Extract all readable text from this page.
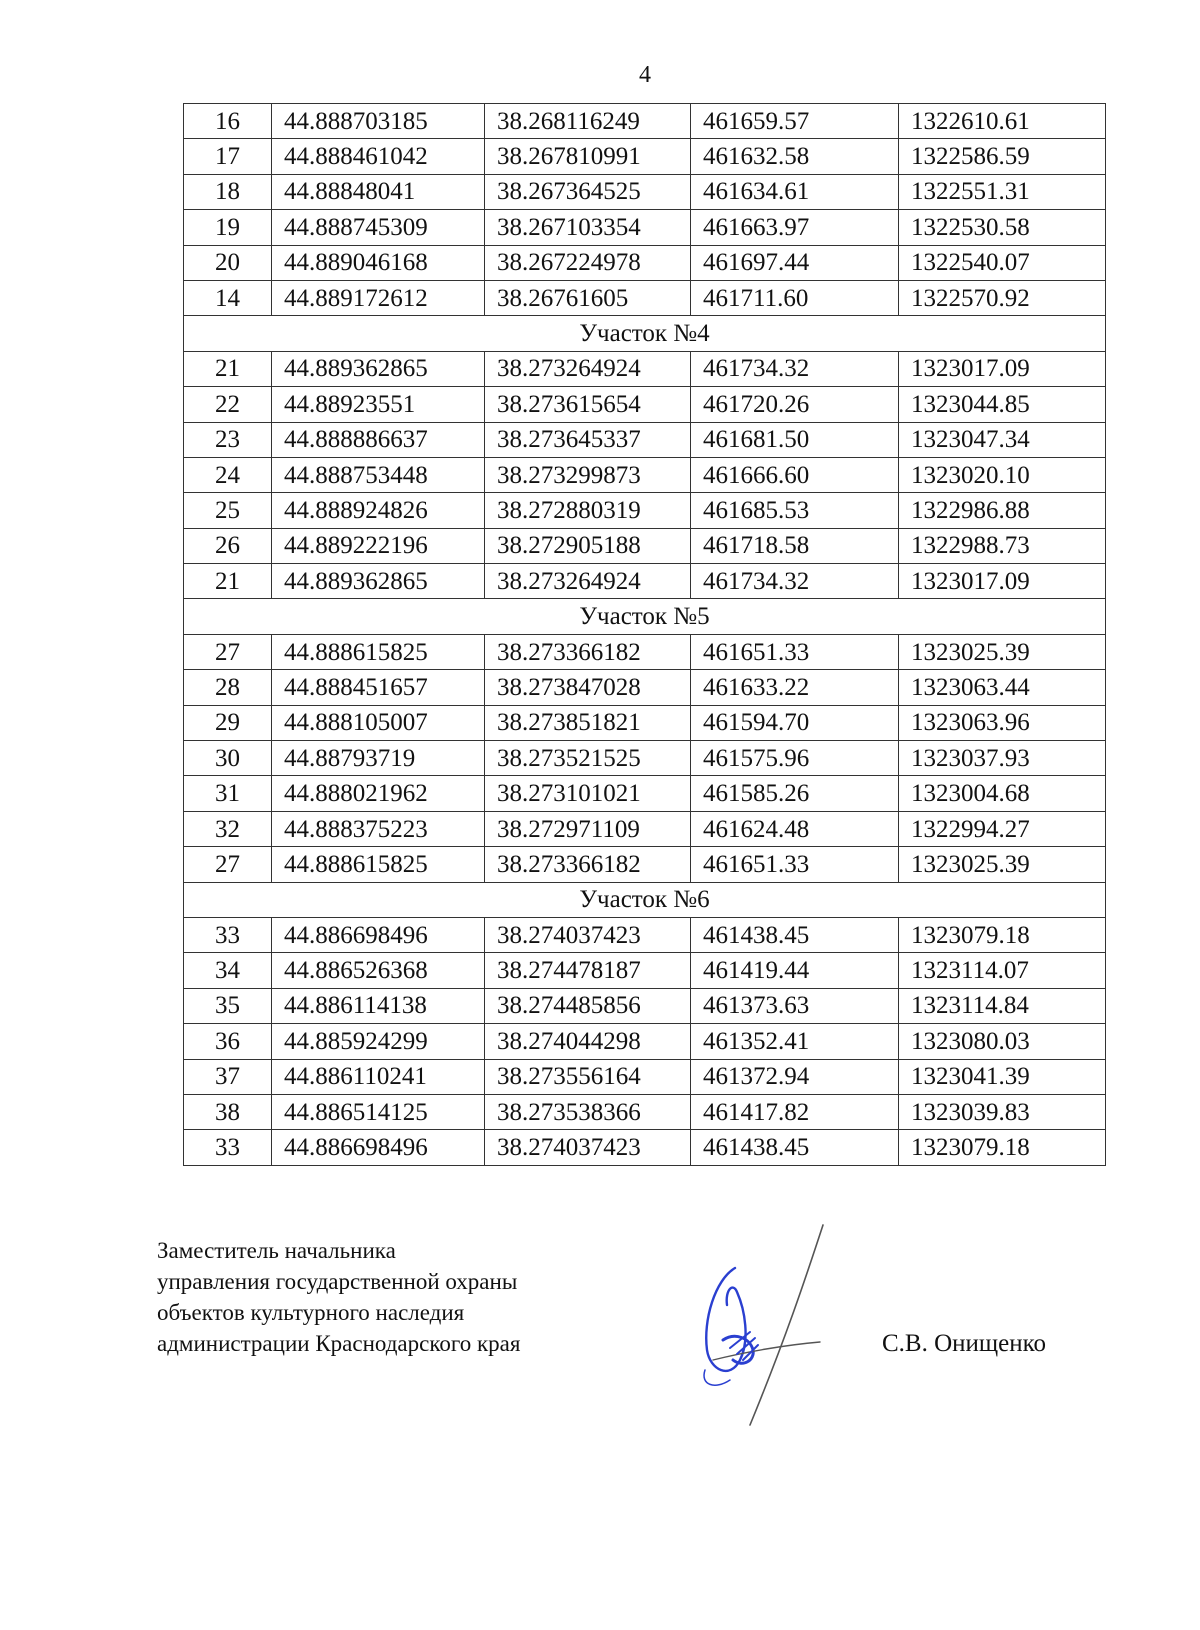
4
16	44.888703185	38.268116249	461659.57	1322610.61
17	44.888461042	38.267810991	461632.58	1322586.59
18	44.88848041	38.267364525	461634.61	1322551.31
19	44.888745309	38.267103354	461663.97	1322530.58
20	44.889046168	38.267224978	461697.44	1322540.07
14	44.889172612	38.26761605	461711.60	1322570.92
Участок №4				
21	44.889362865	38.273264924	461734.32	1323017.09
22	44.88923551	38.273615654	461720.26	1323044.85
23	44.888886637	38.273645337	461681.50	1323047.34
24	44.888753448	38.273299873	461666.60	1323020.10
25	44.888924826	38.272880319	461685.53	1322986.88
26	44.889222196	38.272905188	461718.58	1322988.73
21	44.889362865	38.273264924	461734.32	1323017.09
Участок №5				
27	44.888615825	38.273366182	461651.33	1323025.39
28	44.888451657	38.273847028	461633.22	1323063.44
29	44.888105007	38.273851821	461594.70	1323063.96
30	44.88793719	38.273521525	461575.96	1323037.93
31	44.888021962	38.273101021	461585.26	1323004.68
32	44.888375223	38.272971109	461624.48	1322994.27
27	44.888615825	38.273366182	461651.33	1323025.39
Участок №6				
33	44.886698496	38.274037423	461438.45	1323079.18
34	44.886526368	38.274478187	461419.44	1323114.07
35	44.886114138	38.274485856	461373.63	1323114.84
36	44.885924299	38.274044298	461352.41	1323080.03
37	44.886110241	38.273556164	461372.94	1323041.39
38	44.886514125	38.273538366	461417.82	1323039.83
33	44.886698496	38.274037423	461438.45	1323079.18
Заместитель начальника
управления государственной охраны
объектов культурного наследия
администрации Краснодарского края	С.В. Онищенко
